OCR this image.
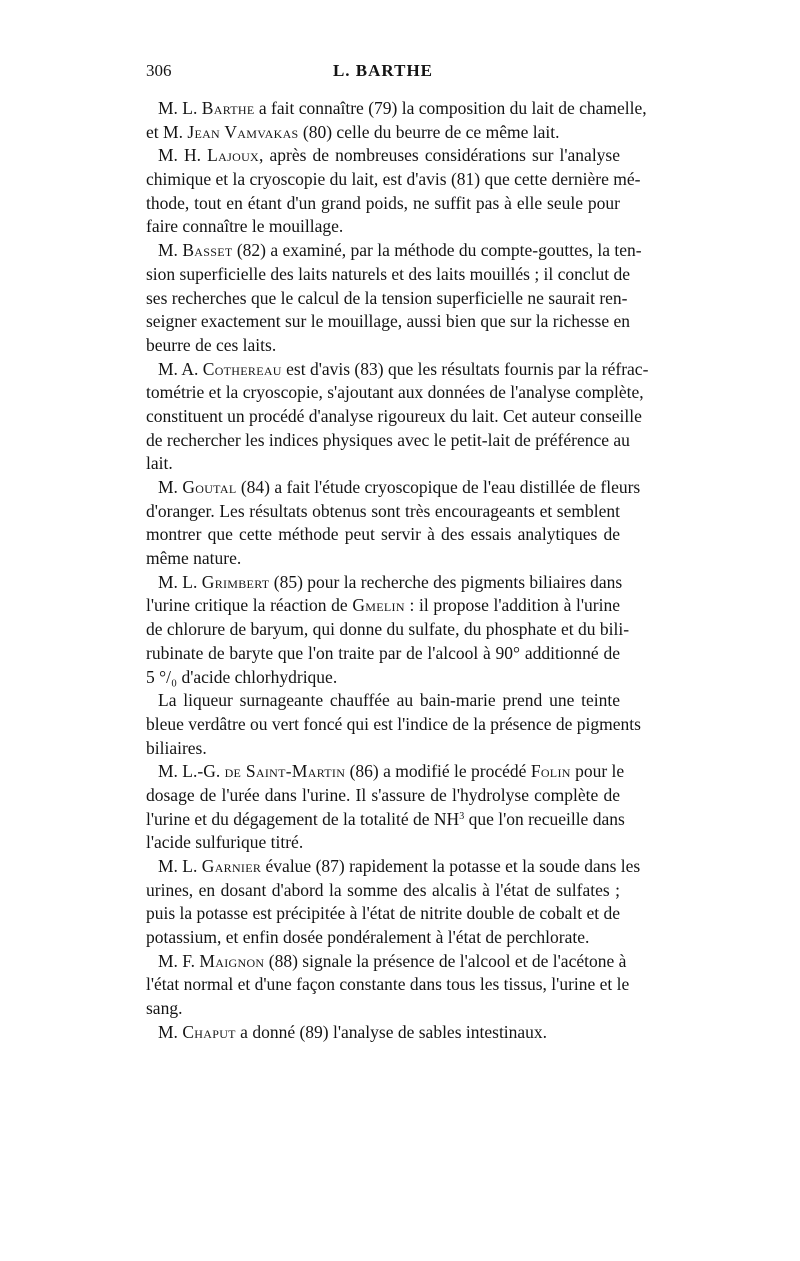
306	L. BARTHE
M. L. Barthe a fait connaître (79) la composition du lait de chamelle,
et M. Jean Vamvakas (80) celle du beurre de ce même lait.
M. H. Lajoux, après de nombreuses considérations sur l'analyse
chimique et la cryoscopie du lait, est d'avis (81) que cette dernière mé-
thode, tout en étant d'un grand poids, ne suffit pas à elle seule pour
faire connaître le mouillage.
M. Basset (82) a examiné, par la méthode du compte-gouttes, la ten-
sion superficielle des laits naturels et des laits mouillés ; il conclut de
ses recherches que le calcul de la tension superficielle ne saurait ren-
seigner exactement sur le mouillage, aussi bien que sur la richesse en
beurre de ces laits.
M. A. Cothereau est d'avis (83) que les résultats fournis par la réfrac-
tométrie et la cryoscopie, s'ajoutant aux données de l'analyse complète,
constituent un procédé d'analyse rigoureux du lait. Cet auteur conseille
de rechercher les indices physiques avec le petit-lait de préférence au
lait.
M. Goutal (84) a fait l'étude cryoscopique de l'eau distillée de fleurs
d'oranger. Les résultats obtenus sont très encourageants et semblent
montrer que cette méthode peut servir à des essais analytiques de
même nature.
M. L. Grimbert (85) pour la recherche des pigments biliaires dans
l'urine critique la réaction de Gmelin : il propose l'addition à l'urine
de chlorure de baryum, qui donne du sulfate, du phosphate et du bili-
rubinate de baryte que l'on traite par de l'alcool à 90° additionné de
5 °/₀ d'acide chlorhydrique.
La liqueur surnageante chauffée au bain-marie prend une teinte
bleue verdâtre ou vert foncé qui est l'indice de la présence de pigments
biliaires.
M. L.-G. de Saint-Martin (86) a modifié le procédé Folin pour le
dosage de l'urée dans l'urine. Il s'assure de l'hydrolyse complète de
l'urine et du dégagement de la totalité de $NH^3$ que l'on recueille dans
l'acide sulfurique titré.
M. L. Garnier évalue (87) rapidement la potasse et la soude dans les
urines, en dosant d'abord la somme des alcalis à l'état de sulfates ;
puis la potasse est précipitée à l'état de nitrite double de cobalt et de
potassium, et enfin dosée pondéralement à l'état de perchlorate.
M. F. Maignon (88) signale la présence de l'alcool et de l'acétone à
l'état normal et d'une façon constante dans tous les tissus, l'urine et le
sang.
M. Chaput a donné (89) l'analyse de sables intestinaux.
